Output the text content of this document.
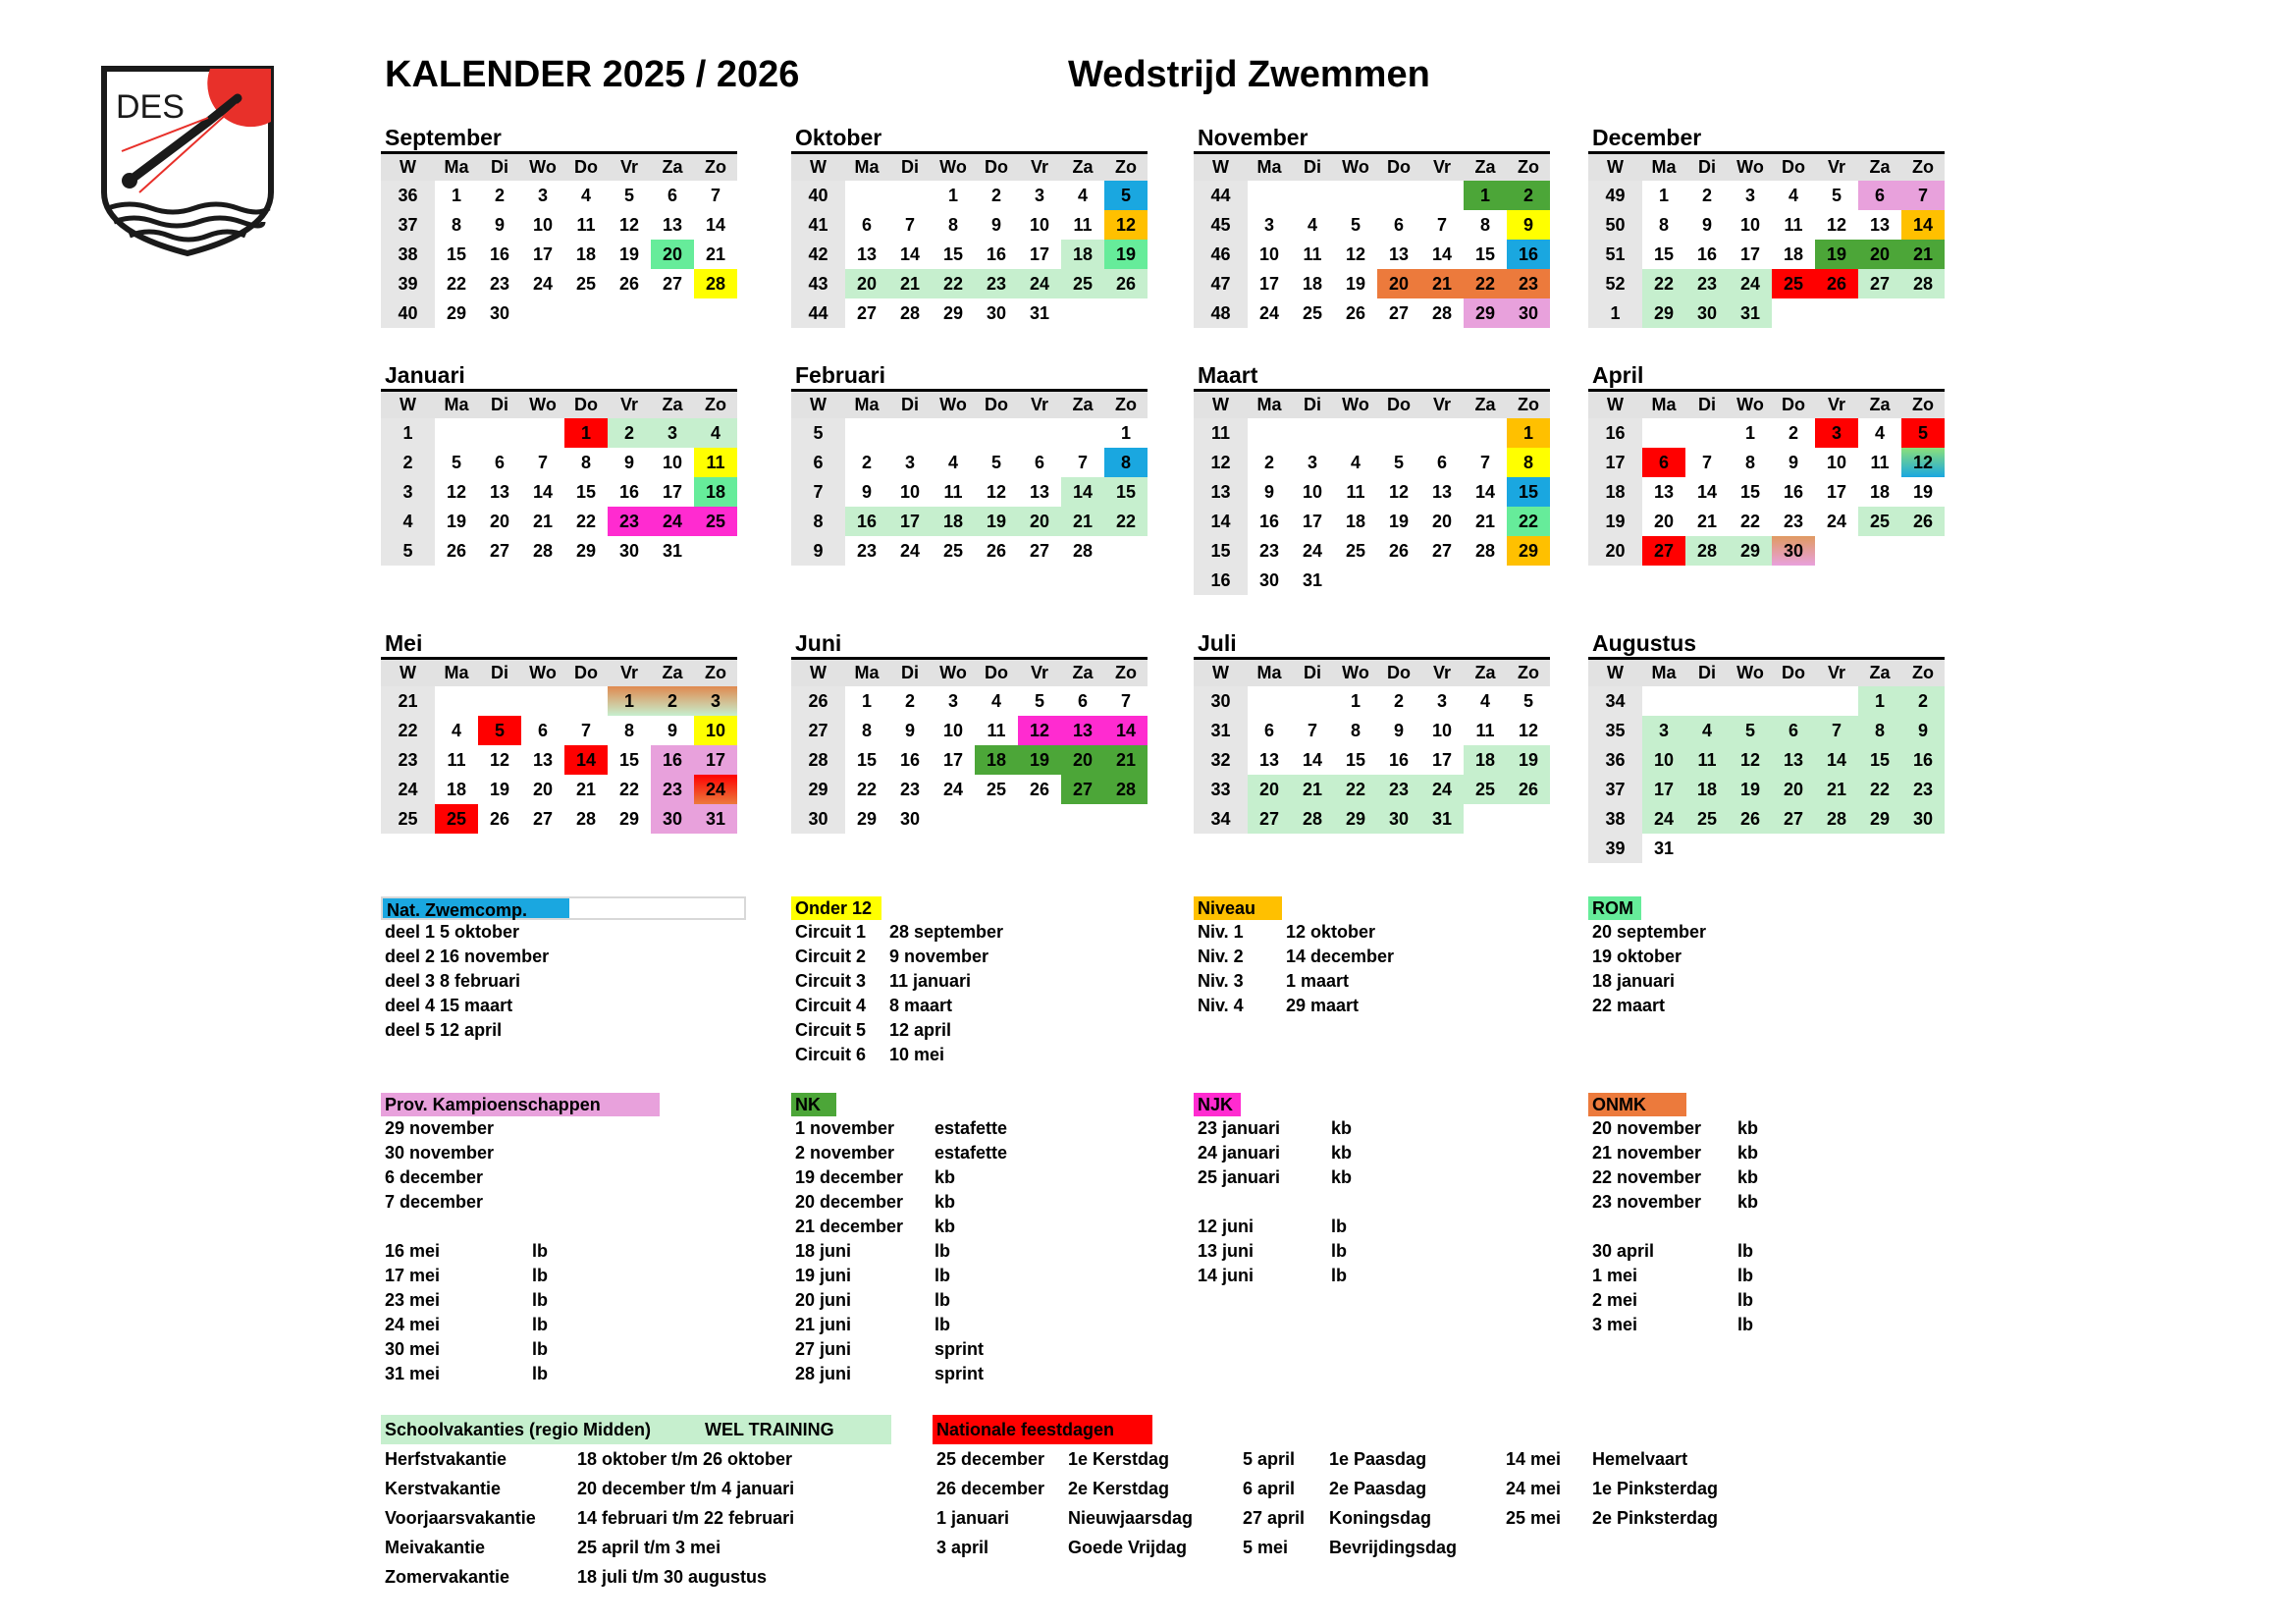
DES
KALENDER 2025 / 2026	Wedstrijd Zwemmen
September
W	Ma	Di	Wo	Do	Vr	Za	Zo
36	1	2	3	4	5	6	7
37	8	9	10	11	12	13	14
38	15	16	17	18	19	20	21
39	22	23	24	25	26	27	28
40	29	30					
Oktober
W	Ma	Di	Wo	Do	Vr	Za	Zo
40			1	2	3	4	5
41	6	7	8	9	10	11	12
42	13	14	15	16	17	18	19
43	20	21	22	23	24	25	26
44	27	28	29	30	31		
November
W	Ma	Di	Wo	Do	Vr	Za	Zo
44						1	2
45	3	4	5	6	7	8	9
46	10	11	12	13	14	15	16
47	17	18	19	20	21	22	23
48	24	25	26	27	28	29	30
December
W	Ma	Di	Wo	Do	Vr	Za	Zo
49	1	2	3	4	5	6	7
50	8	9	10	11	12	13	14
51	15	16	17	18	19	20	21
52	22	23	24	25	26	27	28
1	29	30	31				
Januari
W	Ma	Di	Wo	Do	Vr	Za	Zo
1				1	2	3	4
2	5	6	7	8	9	10	11
3	12	13	14	15	16	17	18
4	19	20	21	22	23	24	25
5	26	27	28	29	30	31	
Februari
W	Ma	Di	Wo	Do	Vr	Za	Zo
5							1
6	2	3	4	5	6	7	8
7	9	10	11	12	13	14	15
8	16	17	18	19	20	21	22
9	23	24	25	26	27	28	
Maart
W	Ma	Di	Wo	Do	Vr	Za	Zo
11							1
12	2	3	4	5	6	7	8
13	9	10	11	12	13	14	15
14	16	17	18	19	20	21	22
15	23	24	25	26	27	28	29
16	30	31					
April
W	Ma	Di	Wo	Do	Vr	Za	Zo
16			1	2	3	4	5
17	6	7	8	9	10	11	12
18	13	14	15	16	17	18	19
19	20	21	22	23	24	25	26
20	27	28	29	30			
Mei
W	Ma	Di	Wo	Do	Vr	Za	Zo
21					1	2	3
22	4	5	6	7	8	9	10
23	11	12	13	14	15	16	17
24	18	19	20	21	22	23	24
25	25	26	27	28	29	30	31
Juni
W	Ma	Di	Wo	Do	Vr	Za	Zo
26	1	2	3	4	5	6	7
27	8	9	10	11	12	13	14
28	15	16	17	18	19	20	21
29	22	23	24	25	26	27	28
30	29	30					
Juli
W	Ma	Di	Wo	Do	Vr	Za	Zo
30			1	2	3	4	5
31	6	7	8	9	10	11	12
32	13	14	15	16	17	18	19
33	20	21	22	23	24	25	26
34	27	28	29	30	31		
Augustus
W	Ma	Di	Wo	Do	Vr	Za	Zo
34						1	2
35	3	4	5	6	7	8	9
36	10	11	12	13	14	15	16
37	17	18	19	20	21	22	23
38	24	25	26	27	28	29	30
39	31						
Nat. Zwemcomp.
deel 1 5 oktober
deel 2 16 november
deel 3 8 februari
deel 4 15 maart
deel 5 12 april
Onder 12
Circuit 1 28 september
Circuit 2 9 november
Circuit 3 11 januari
Circuit 4 8 maart
Circuit 5 12 april
Circuit 6 10 mei
Niveau
Niv. 1 12 oktober
Niv. 2 14 december
Niv. 3 1 maart
Niv. 4 29 maart
ROM
20 september
19 oktober
18 januari
22 maart
Prov. Kampioenschappen
29 november
30 november
6 december
7 december
16 mei	lb
17 mei	lb
23 mei	lb
24 mei	lb
30 mei	lb
31 mei	lb
NK
1 november estafette
2 november estafette
19 december kb
20 december kb
21 december kb
18 juni	lb
19 juni	lb
20 juni	lb
21 juni	lb
27 juni	sprint
28 juni	sprint
NJK
23 januari	kb
24 januari	kb
25 januari	kb
12 juni	lb
13 juni	lb
14 juni	lb
ONMK
20 november kb
21 november kb
22 november kb
23 november kb
30 april	lb
1 mei	lb
2 mei	lb
3 mei	lb
Schoolvakanties (regio Midden)	WEL TRAINING
Herfstvakantie	18 oktober t/m 26 oktober
Kerstvakantie	20 december t/m 4 januari
Voorjaarsvakantie 14 februari t/m 22 februari
Meivakantie	25 april t/m 3 mei
Zomervakantie	18 juli t/m 30 augustus
Nationale feestdagen
25 december 1e Kerstdag
26 december 2e Kerstdag
1 januari	Nieuwjaarsdag
3 april	Goede Vrijdag
5 april 1e Paasdag
6 april 2e Paasdag
27 april Koningsdag
5 mei Bevrijdingsdag
14 mei Hemelvaart
24 mei 1e Pinksterdag
25 mei 2e Pinksterdag
